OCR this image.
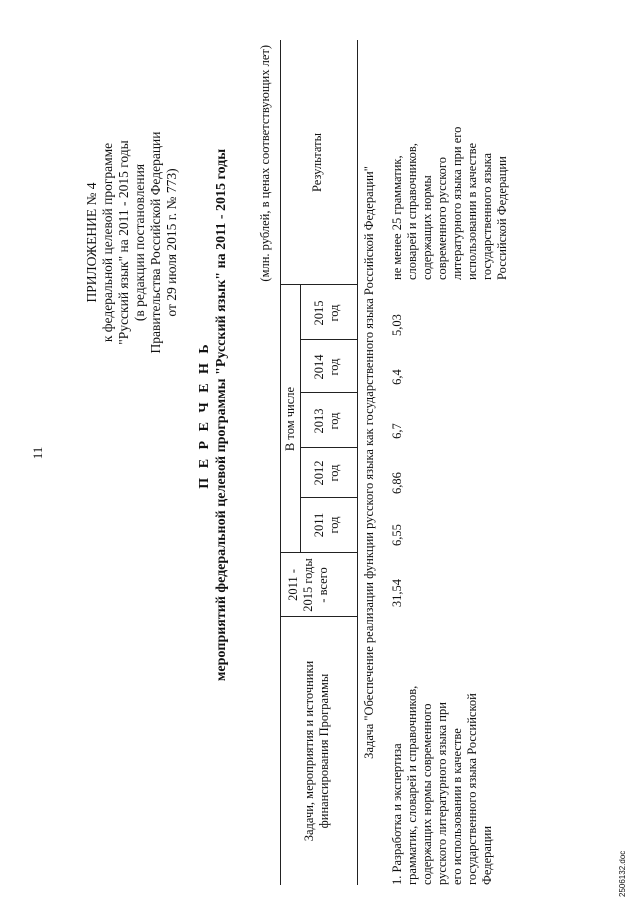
11
ПРИЛОЖЕНИЕ № 4 к федеральной целевой программе "Русский язык" на 2011 - 2015 годы (в редакции постановления Правительства Российской Федерации от 29 июля 2015 г. № 773)
П Е Р Е Ч Е Н Ь мероприятий федеральной целевой программы "Русский язык" на 2011 - 2015 годы (млн. рублей, в ценах соответствующих лет)
Задачи, мероприятия и источники финансирования Программы
2011 - 2015 годы - всего
В том числе
2011 год
2012 год
2013 год
2014 год
2015 год
Результаты
Задача "Обеспечение реализации функции русского языка как государственного языка Российской Федерации"
1. Разработка и экспертиза грамматик, словарей и справочников, содержащих нормы современного русского литературного языка при его использовании в качестве государственного языка Российской Федерации
31,54
6,55
6,86
6,7
6,4
5,03
не менее 25 грамматик, словарей и справочников, содержащих нормы современного русского литературного языка при его использовании в качестве государственного языка Российской Федерации
2506132.doc
